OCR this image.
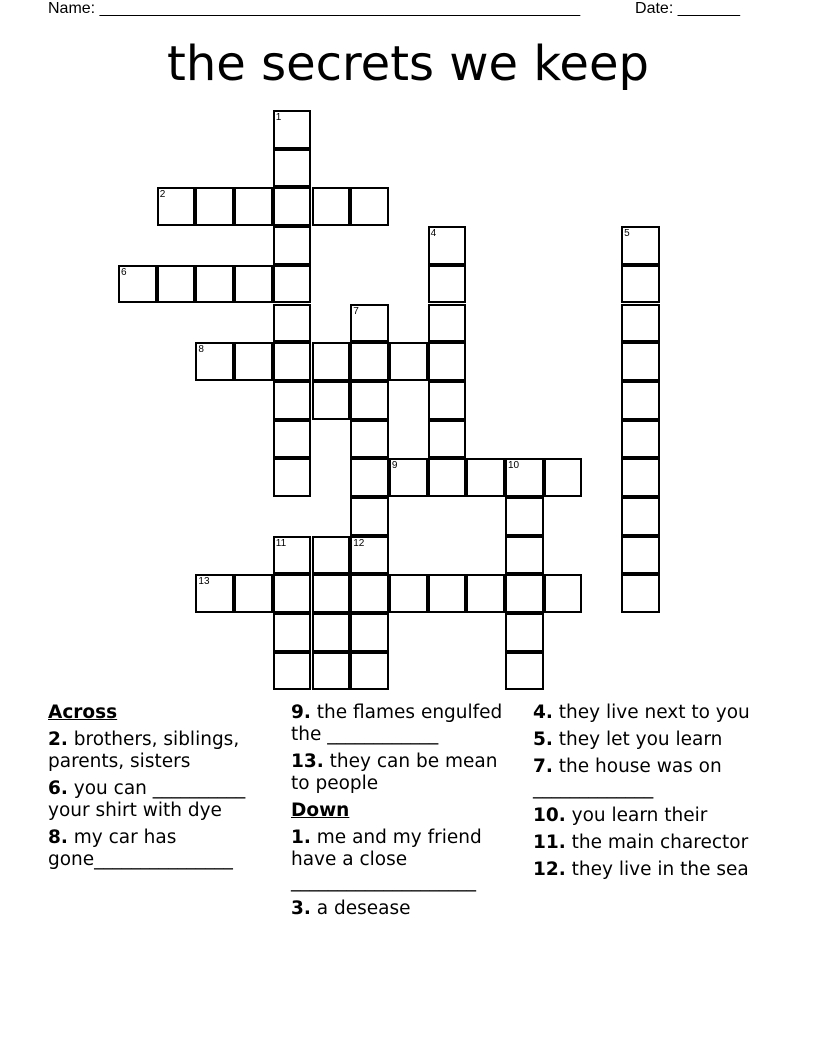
Name: ______________________________________________________	Date: _______
the secrets we keep
1
11
2
6
8
7
12
4
9	10
5
13
Across
2. brothers, siblings, parents, sisters
6. you can __________ your shirt with dye
8. my car has gone_______________
9. the flames engulfed the ____________
13. they can be mean to people
Down
1. me and my friend have a close ____________________
3. a desease
4. they live next to you
5. they let you learn
7. the house was on _____________
10. you learn their
11. the main charector
12. they live in the sea
